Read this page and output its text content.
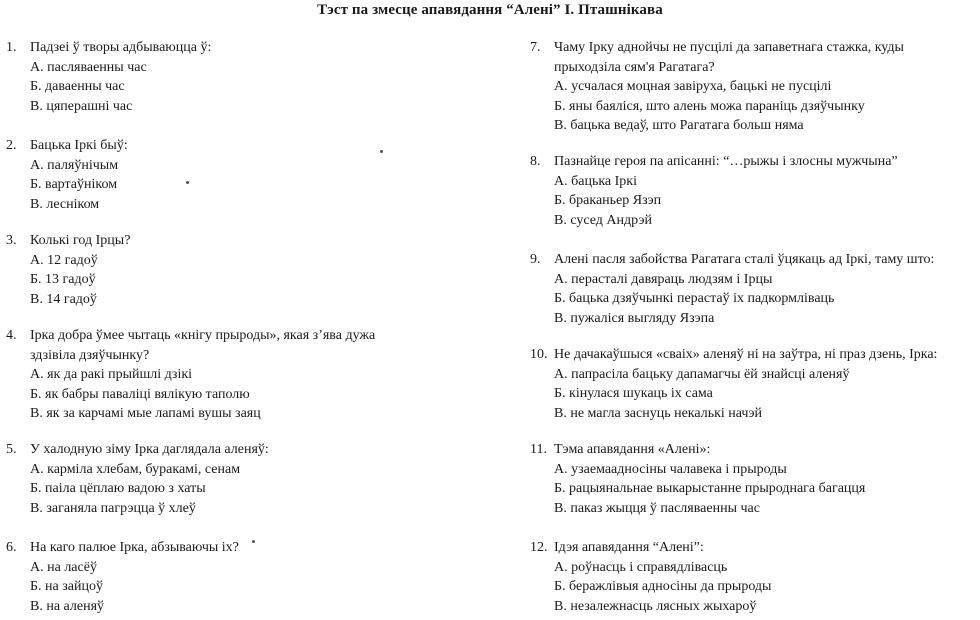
Тэст па змесце апавядання “Алені” І. Пташнікава
1. Падзеі ў творы адбываюцца ў:
А. пасляваенны час
Б. даваенны час
В. цяперашні час
2. Бацька Іркі быў:
А. паляўнічым
Б. вартаўніком
В. лесніком
3. Колькі год Ірцы?
А. 12 гадоў
Б. 13 гадоў
В. 14 гадоў
4. Ірка добра ўмее чытаць «кнігу прыроды», якая з’ява дужа
здзівіла дзяўчынку?
А. як да ракі прыйшлі дзікі
Б. як бабры паваліці вялікую таполю
В. як за карчамі мые лапамі вушы заяц
5. У халодную зіму Ірка даглядала аленяў:
А. карміла хлебам, буракамі, сенам
Б. паіла цёплаю вадою з хаты
В. заганяла пагрэцца ў хлеў
6. На каго палюе Ірка, абзываючы іх?
А. на ласёў
Б. на зайцоў
В. на аленяў
7. Чаму Ірку аднойчы не пусцілі да запаветнага стажка, куды
прыходзіла сям'я Рагатага?
А. усчалася моцная завіруха, бацькі не пусцілі
Б. яны баяліся, што алень можа параніць дзяўчынку
В. бацька ведаў, што Рагатага больш няма
8. Пазнайце героя па апісанні: “…рыжы і злосны мужчына”
А. бацька Іркі
Б. браканьер Язэп
В. сусед Андрэй
9. Алені пасля забойства Рагатага сталі ўцякаць ад Іркі, таму што:
А. перасталі давяраць людзям і Ірцы
Б. бацька дзяўчынкі перастаў іх падкормліваць
В. пужаліся выгляду Язэпа
10. Не дачакаўшыся «сваіх» аленяў ні на заўтра, ні праз дзень, Ірка:
А. папрасіла бацьку дапамагчы ёй знайсці аленяў
Б. кінулася шукаць іх сама
В. не магла заснуць некалькі начэй
11. Тэма апавядання «Алені»:
А. узаемаадносіны чалавека і прыроды
Б. рацыянальнае выкарыстанне прыроднага багацця
В. паказ жыцця ў пасляваенны час
12. Ідэя апавядання “Алені”:
А. роўнасць і справядлівасць
Б. беражлівыя адносіны да прыроды
В. незалежнасць лясных жыхароў
